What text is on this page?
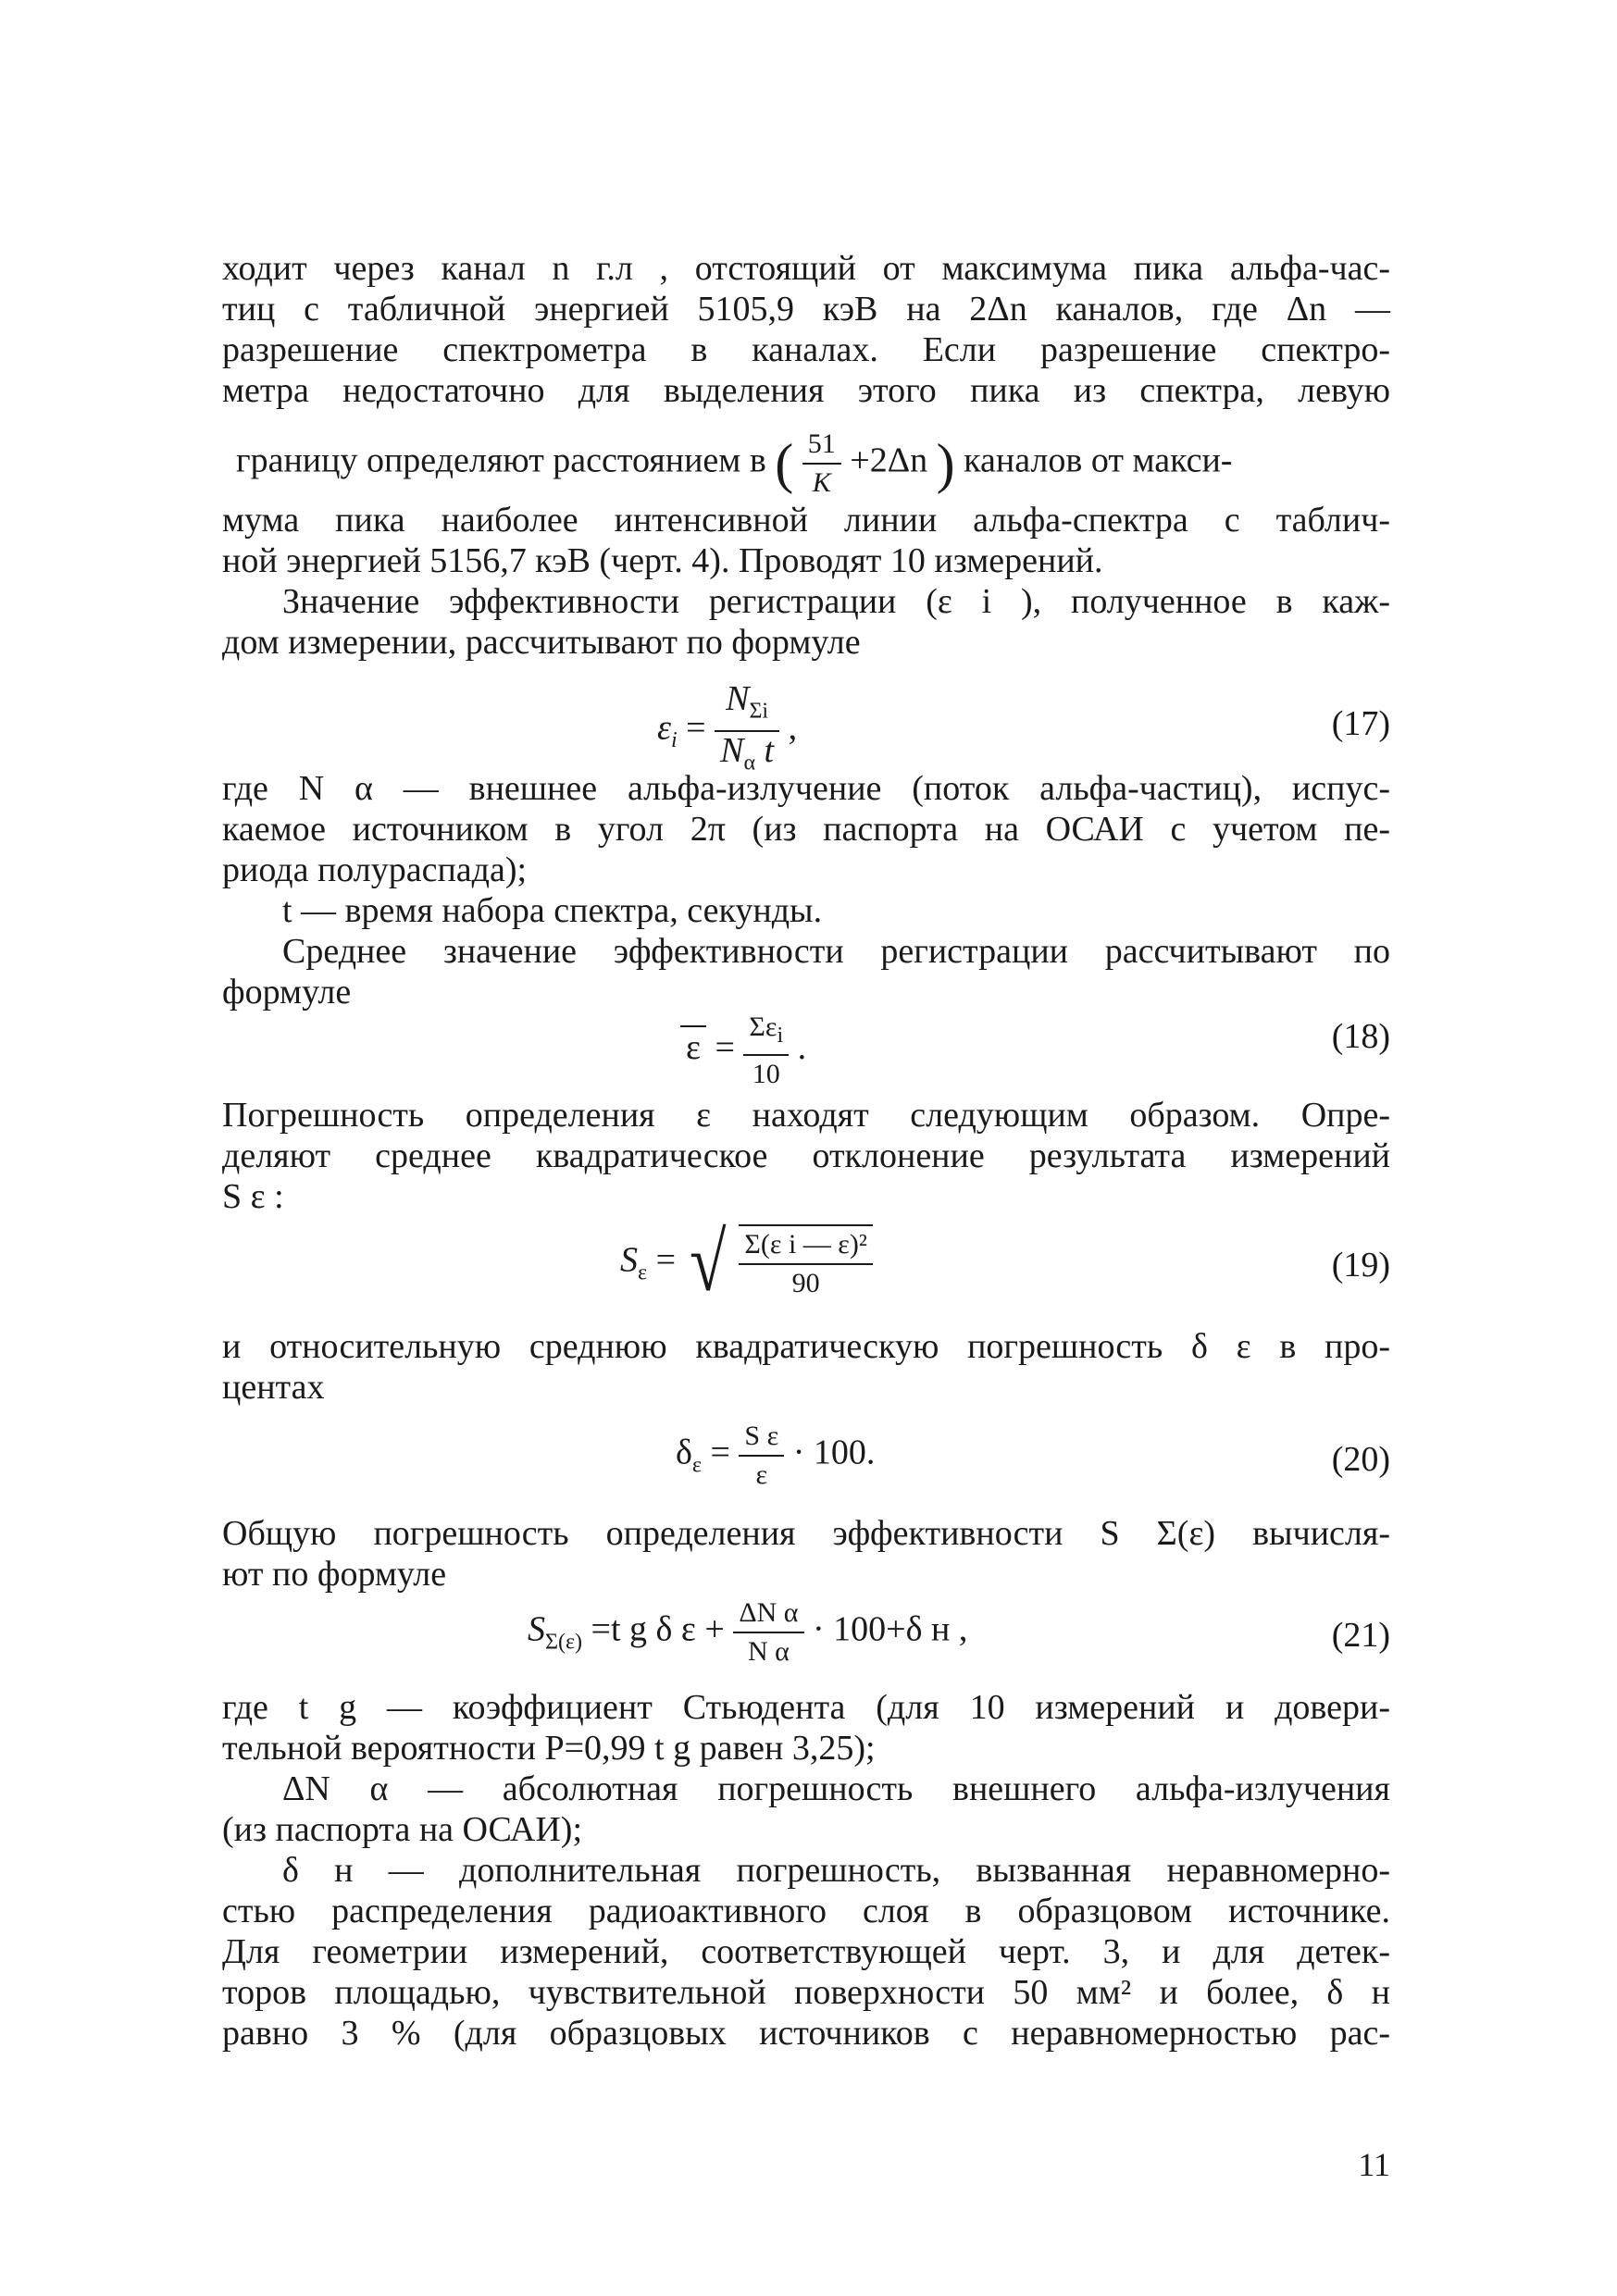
ходит через канал n г.л , отстоящий от максимума пика альфа-час-
тиц с табличной энергией 5105,9 кэВ на 2Δn каналов, где Δn —
разрешение спектрометра в каналах. Если разрешение спектро-
метра недостаточно для выделения этого пика из спектра, левую
границу определяют расстоянием в ( $\frac{51}{K} +2\Delta n$ ) каналов от макси-
мума пика наиболее интенсивной линии альфа-спектра с таблич-
ной энергией 5156,7 кэВ (черт. 4). Проводят 10 измерений.
Значение эффективности регистрации (ε i ), полученное в каж-
дом измерении, рассчитывают по формуле
$\varepsilon_i = \frac{N_{\Sigma i}}{N_\alpha t}$ ,	(17)
где N α — внешнее альфа-излучение (поток альфа-частиц), испус-
каемое источником в угол 2π (из паспорта на ОСАИ с учетом пе-
риода полураспада);
t — время набора спектра, секунды.
Среднее значение эффективности регистрации рассчитывают по
формуле
$\varepsilon = \frac{\Sigma\varepsilon_i}{10}$ .	(18)
Погрешность определения ε находят следующим образом. Опре-
деляют среднее квадратическое отклонение результата измерений
S ε :
$S_\varepsilon$ = √ $\frac{\text{Σ(ε i — ε)²}}{90}$	(19)
и относительную среднюю квадратическую погрешность δ ε в про-
центах
$\delta_\varepsilon = \frac{\text{S ε}}{\varepsilon} \cdot 100$.	(20)
Общую погрешность определения эффективности S Σ(ε) вычисля-
ют по формуле
$S_{\Sigma(\varepsilon)} =t$ g δ $\varepsilon + \frac{\text{ΔN α}}{\text{N α}} \cdot 100+\delta$ н ,	(21)
где t g — коэффициент Стьюдента (для 10 измерений и довери-
тельной вероятности P=0,99 t g равен 3,25);
ΔN α — абсолютная погрешность внешнего альфа-излучения
(из паспорта на ОСАИ);
δ н — дополнительная погрешность, вызванная неравномерно-
стью распределения радиоактивного слоя в образцовом источнике.
Для геометрии измерений, соответствующей черт. 3, и для детек-
торов площадью, чувствительной поверхности 50 мм² и более, δ н
равно 3 % (для образцовых источников с неравномерностью рас-
11
